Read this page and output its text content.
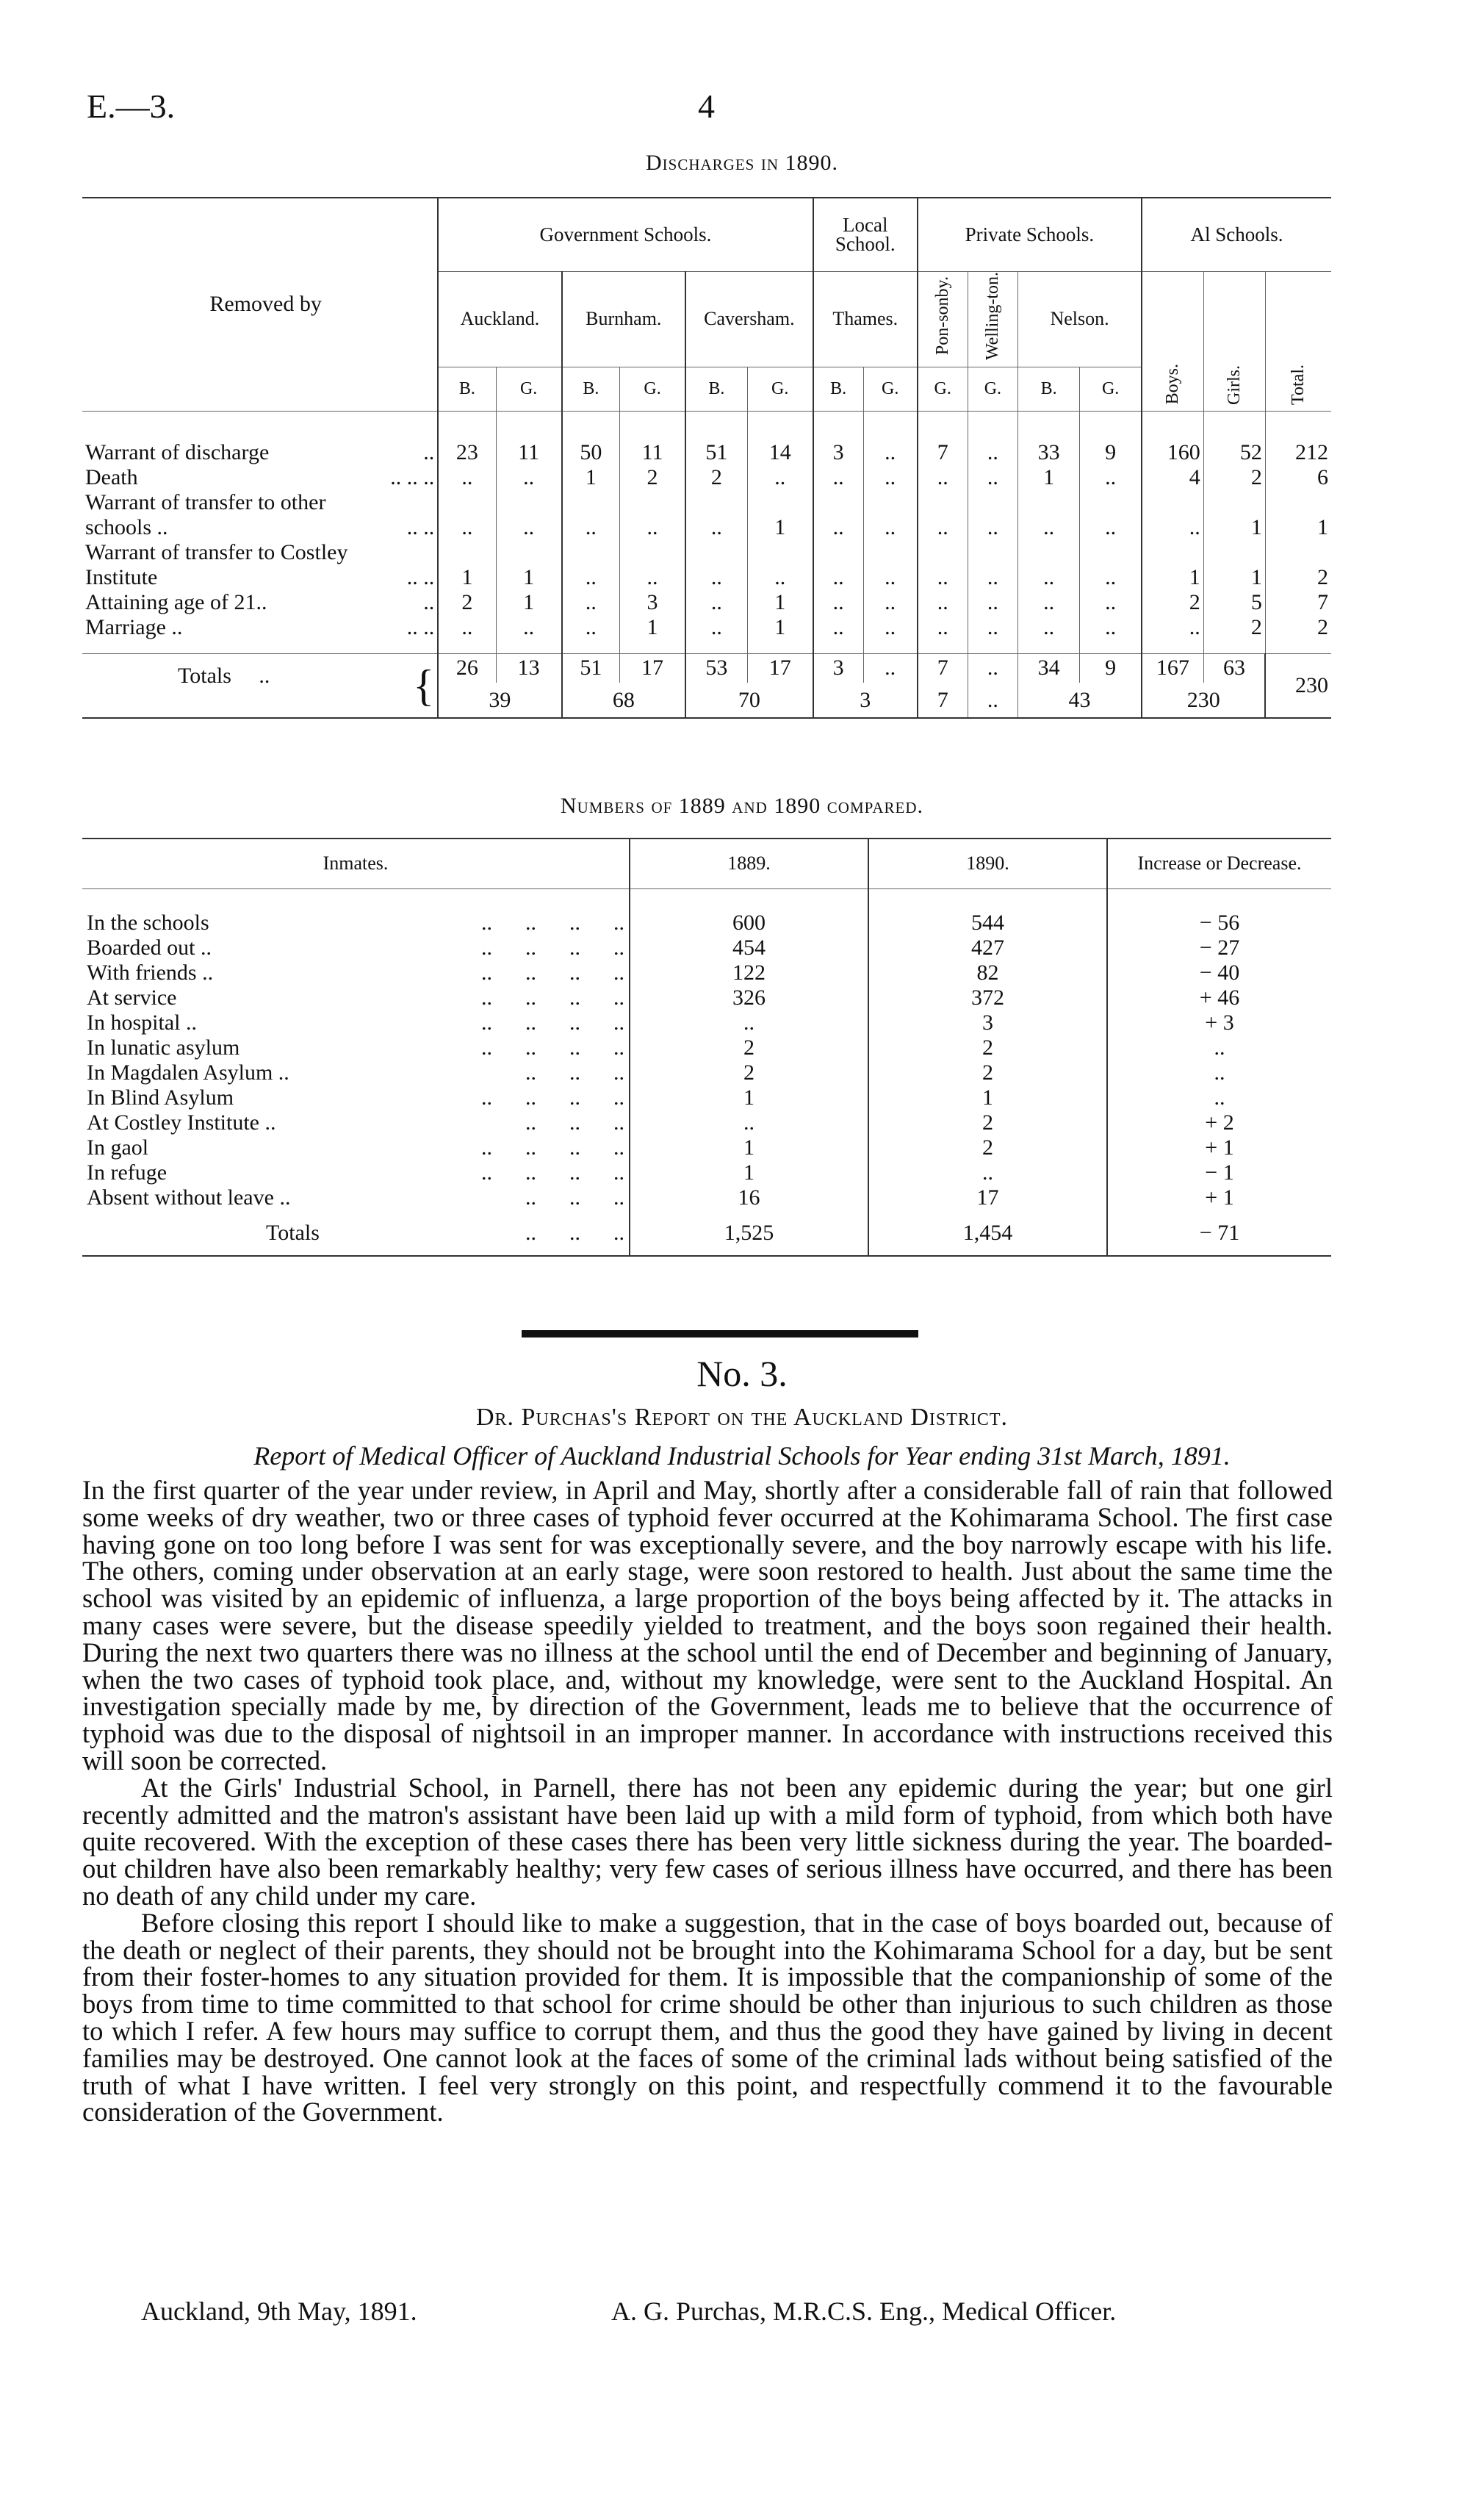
E.—3.	4
Discharges in 1890.
Removed by	Government Schools.						Local School.		Private Schools.				Al Schools.		
	Auckland.		Burnham.		Caversham.		Thames.		Pon-sonby.	Welling-ton.	Nelson.		Boys.	Girls.	Total.
	B.	G.	B.	G.	B.	G.	B.	G.	G.	G.	B.	G.			

Warrant of discharge ..	23	11	50	11	51	14	3	..	7	..	33	9	160	52	212
Death .. .. ..	..	..	1	2	2	..	..	..	..	..	1	..	4	2	6
Warrant of transfer to other

schools .. .. ..	..	..	..	..	..	1	..	..	..	..	..	..	..	1	1
Warrant of transfer to Costley

Institute .. ..	1	1	..	..	..	..	..	..	..	..	..	..	1	1	2
Attaining age of 21.. ..	2	1	..	3	..	1	..	..	..	..	..	..	2	5	7
Marriage .. .. ..	..	..	..	1	..	1	..	..	..	..	..	..	..	2	2

Totals .. {	26	13	51	17	53	17	3	..	7	..	34	9	167	63	230
	39		68		70		3		7	..	43		230		
Numbers of 1889 and 1890 compared.
Inmates.	1889.	1890.	Increase or Decrease.

In the schools ..      ..      ..      ..	600	544	− 56
Boarded out .. ..      ..      ..      ..	454	427	− 27
With friends .. ..      ..      ..      ..	122	82	− 40
At service ..      ..      ..      ..	326	372	+ 46
In hospital .. ..      ..      ..      ..	..	3	+ 3
In lunatic asylum ..      ..      ..      ..	2	2	..
In Magdalen Asylum .. ..      ..      ..	2	2	..
In Blind Asylum ..      ..      ..      ..	1	1	..
At Costley Institute .. ..      ..      ..	..	2	+ 2
In gaol ..      ..      ..      ..	1	2	+ 1
In refuge ..      ..      ..      ..	1	..	− 1
Absent without leave .. ..      ..      ..	16	17	+ 1
Totals ..      ..      ..	1,525	1,454	− 71
No. 3.
Dr. Purchas's Report on the Auckland District.
Report of Medical Officer of Auckland Industrial Schools for Year ending 31st March, 1891.

In the first quarter of the year under review, in April and May, shortly after a considerable fall of rain that followed some weeks of dry weather, two or three cases of typhoid fever occurred at the Kohimarama School. The first case having gone on too long before I was sent for was exceptionally severe, and the boy narrowly escape with his life. The others, coming under observation at an early stage, were soon restored to health. Just about the same time the school was visited by an epidemic of influenza, a large proportion of the boys being affected by it. The attacks in many cases were severe, but the disease speedily yielded to treatment, and the boys soon regained their health. During the next two quarters there was no illness at the school until the end of December and beginning of January, when the two cases of typhoid took place, and, without my knowledge, were sent to the Auckland Hospital. An investigation specially made by me, by direction of the Government, leads me to believe that the occurrence of typhoid was due to the disposal of nightsoil in an improper manner. In accordance with instructions received this will soon be corrected.

At the Girls' Industrial School, in Parnell, there has not been any epidemic during the year; but one girl recently admitted and the matron's assistant have been laid up with a mild form of typhoid, from which both have quite recovered. With the exception of these cases there has been very little sickness during the year. The boarded-out children have also been remarkably healthy; very few cases of serious illness have occurred, and there has been no death of any child under my care.

Before closing this report I should like to make a suggestion, that in the case of boys boarded out, because of the death or neglect of their parents, they should not be brought into the Kohimarama School for a day, but be sent from their foster-homes to any situation provided for them. It is impossible that the companionship of some of the boys from time to time committed to that school for crime should be other than injurious to such children as those to which I refer. A few hours may suffice to corrupt them, and thus the good they have gained by living in decent families may be destroyed. One cannot look at the faces of some of the criminal lads without being satisfied of the truth of what I have written. I feel very strongly on this point, and respectfully commend it to the favourable consideration of the Government.

Auckland, 9th May, 1891.	A. G. Purchas, M.R.C.S. Eng., Medical Officer.
